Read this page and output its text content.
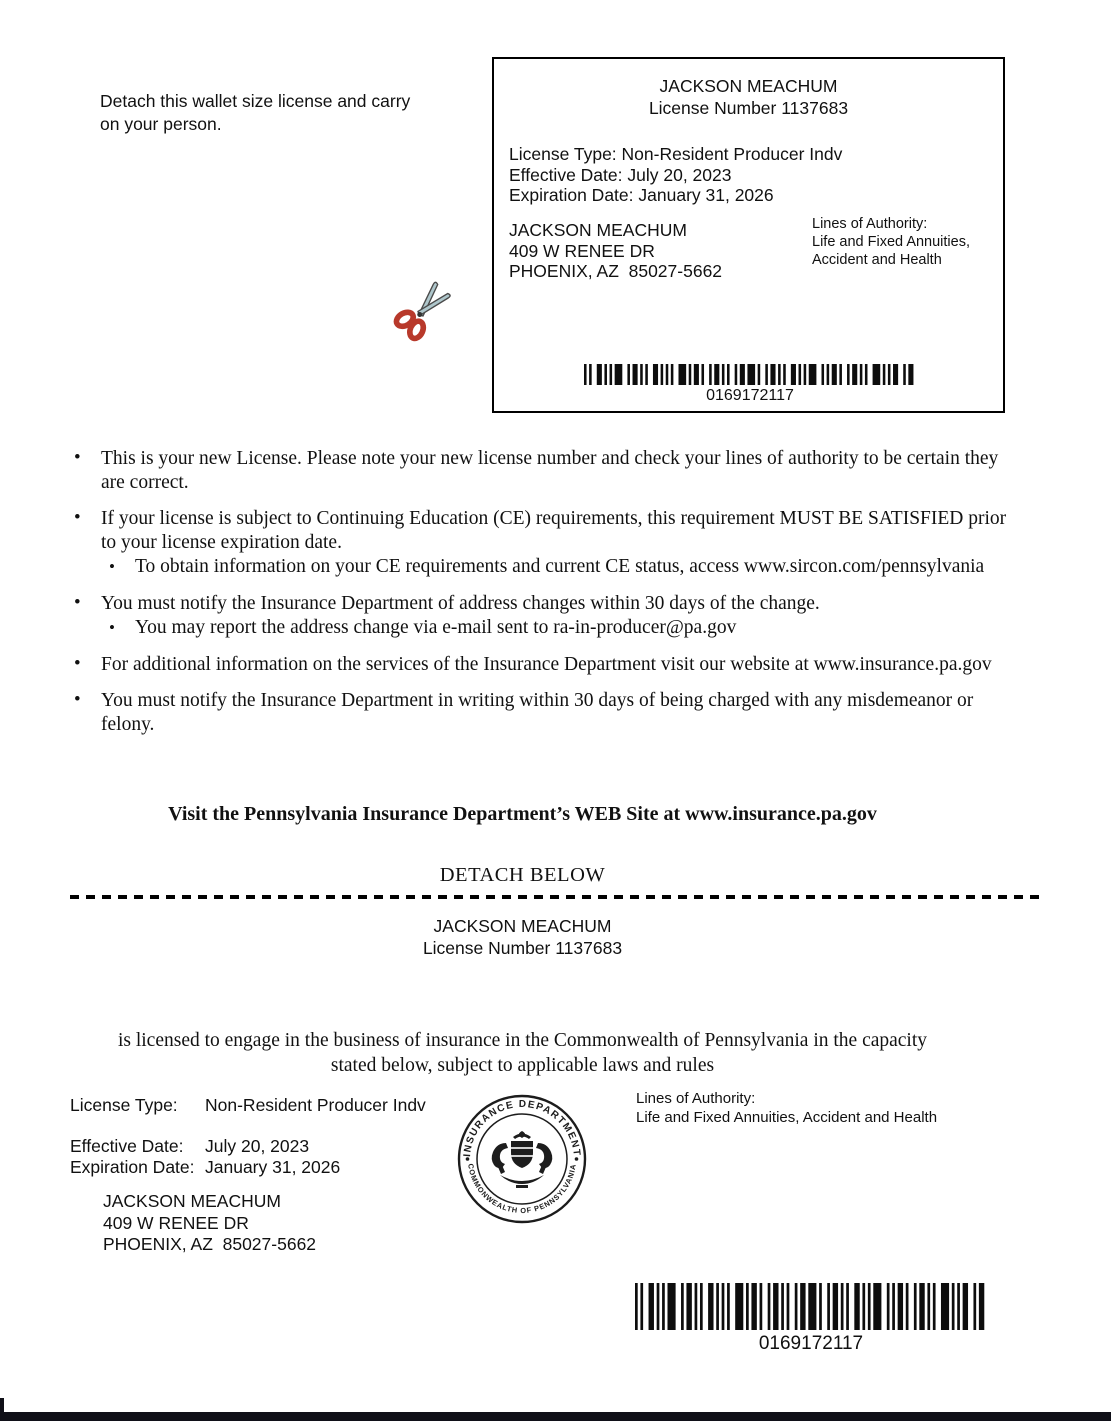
Detach this wallet size license and carry on your person.
JACKSON MEACHUM
License Number 1137683
License Type: Non-Resident Producer Indv
Effective Date: July 20, 2023
Expiration Date: January 31, 2026
JACKSON MEACHUM
409 W RENEE DR
PHOENIX, AZ  85027-5662
Lines of Authority:
Life and Fixed Annuities,
Accident and Health
0169172117
• This is your new License. Please note your new license number and check your lines of authority to be certain they are correct.
• If your license is subject to Continuing Education (CE) requirements, this requirement MUST BE SATISFIED prior to your license expiration date.
• To obtain information on your CE requirements and current CE status, access www.sircon.com/pennsylvania
• You must notify the Insurance Department of address changes within 30 days of the change.
• You may report the address change via e-mail sent to ra-in-producer@pa.gov
• For additional information on the services of the Insurance Department visit our website at www.insurance.pa.gov
• You must notify the Insurance Department in writing within 30 days of being charged with any misdemeanor or felony.
Visit the Pennsylvania Insurance Department’s WEB Site at www.insurance.pa.gov
DETACH BELOW
JACKSON MEACHUM
License Number 1137683
is licensed to engage in the business of insurance in the Commonwealth of Pennsylvania in the capacity
stated below, subject to applicable laws and rules
License Type: Non-Resident Producer Indv
Effective Date: July 20, 2023
Expiration Date: January 31, 2026
JACKSON MEACHUM
409 W RENEE DR
PHOENIX, AZ  85027-5662
INSURANCE DEPARTMENT
COMMONWEALTH OF PENNSYLVANIA
Lines of Authority:
Life and Fixed Annuities, Accident and Health
0169172117
